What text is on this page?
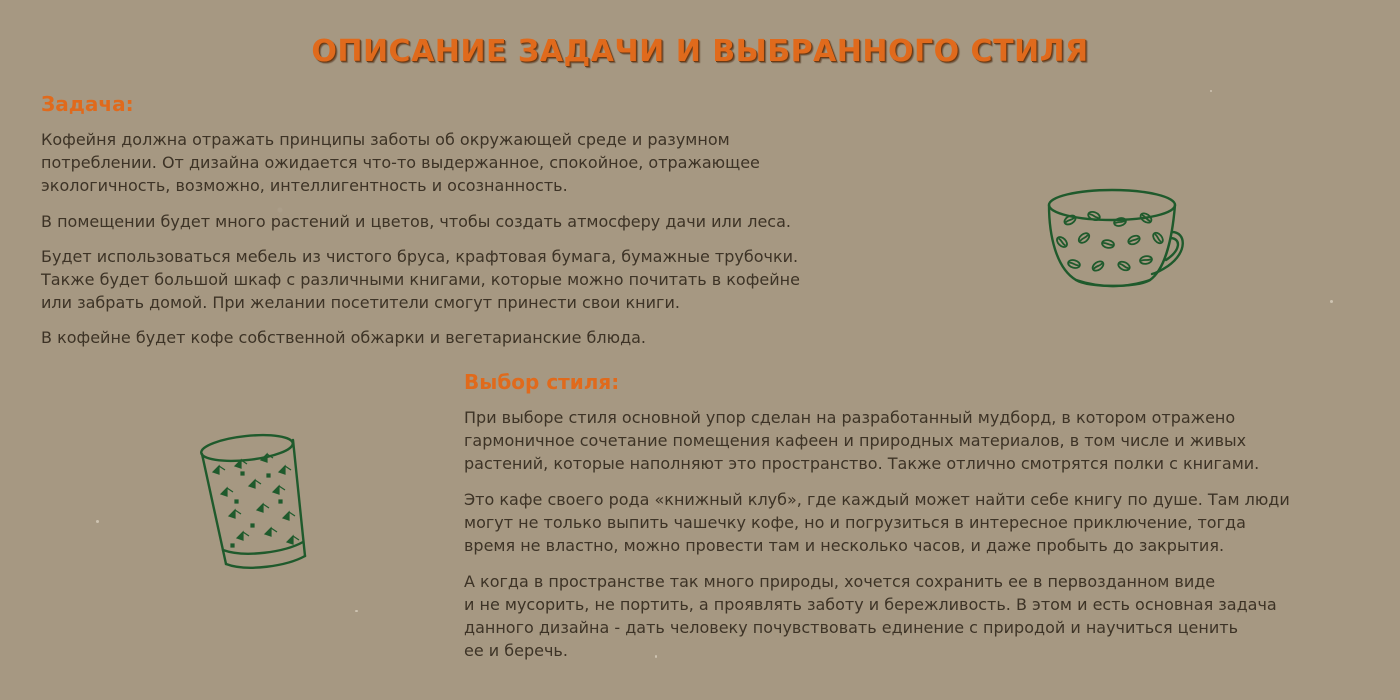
ОПИСАНИЕ ЗАДАЧИ И ВЫБРАННОГО СТИЛЯ
Задача:

Кофейня должна отражать принципы заботы об окружающей среде и разумном
потреблении. От дизайна ожидается что-то выдержанное, спокойное, отражающее
экологичность, возможно, интеллигентность и осознанность.

В помещении будет много растений и цветов, чтобы создать атмосферу дачи или леса.

Будет использоваться мебель из чистого бруса, крафтовая бумага, бумажные трубочки.
Также будет большой шкаф с различными книгами, которые можно почитать в кофейне
или забрать домой. При желании посетители смогут принести свои книги.

В кофейне будет кофе собственной обжарки и вегетарианские блюда.

Выбор стиля:

При выборе стиля основной упор сделан на разработанный мудборд, в котором отражено
гармоничное сочетание помещения кафеен и природных материалов, в том числе и живых
растений, которые наполняют это пространство. Также отлично смотрятся полки с книгами.

Это кафе своего рода «книжный клуб», где каждый может найти себе книгу по душе. Там люди
могут не только выпить чашечку кофе, но и погрузиться в интересное приключение, тогда
время не властно, можно провести там и несколько часов, и даже пробыть до закрытия.

А когда в пространстве так много природы, хочется сохранить ее в первозданном виде
и не мусорить, не портить, а проявлять заботу и бережливость. В этом и есть основная задача
данного дизайна - дать человеку почувствовать единение с природой и научиться ценить
ее и беречь.
